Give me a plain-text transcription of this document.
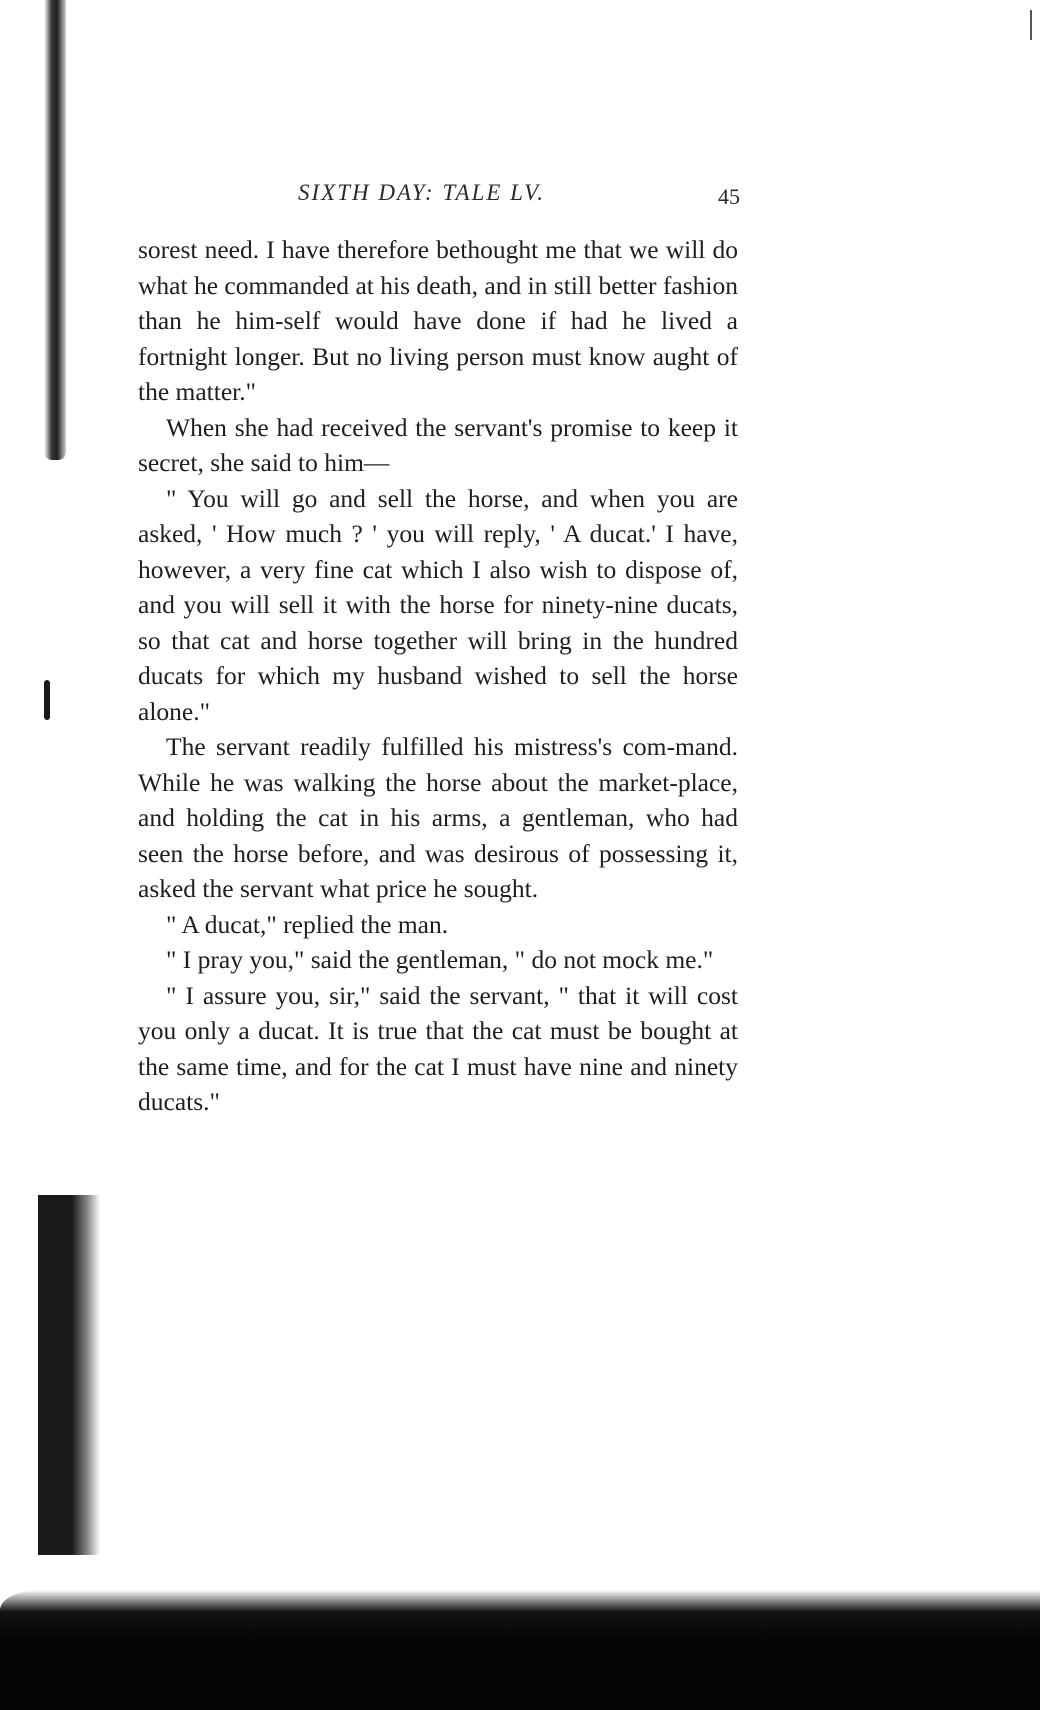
SIXTH DAY: TALE LV.	45

sorest need. I have therefore bethought me that we will do what he commanded at his death, and in still better fashion than he him-self would have done if had he lived a fortnight longer. But no living person must know aught of the matter."

When she had received the servant's promise to keep it secret, she said to him—

" You will go and sell the horse, and when you are asked, ' How much ? ' you will reply, ' A ducat.' I have, however, a very fine cat which I also wish to dispose of, and you will sell it with the horse for ninety-nine ducats, so that cat and horse together will bring in the hundred ducats for which my husband wished to sell the horse alone."

The servant readily fulfilled his mistress's com-mand. While he was walking the horse about the market-place, and holding the cat in his arms, a gentleman, who had seen the horse before, and was desirous of possessing it, asked the servant what price he sought.

" A ducat," replied the man.

" I pray you," said the gentleman, " do not mock me."

" I assure you, sir," said the servant, " that it will cost you only a ducat. It is true that the cat must be bought at the same time, and for the cat I must have nine and ninety ducats."
